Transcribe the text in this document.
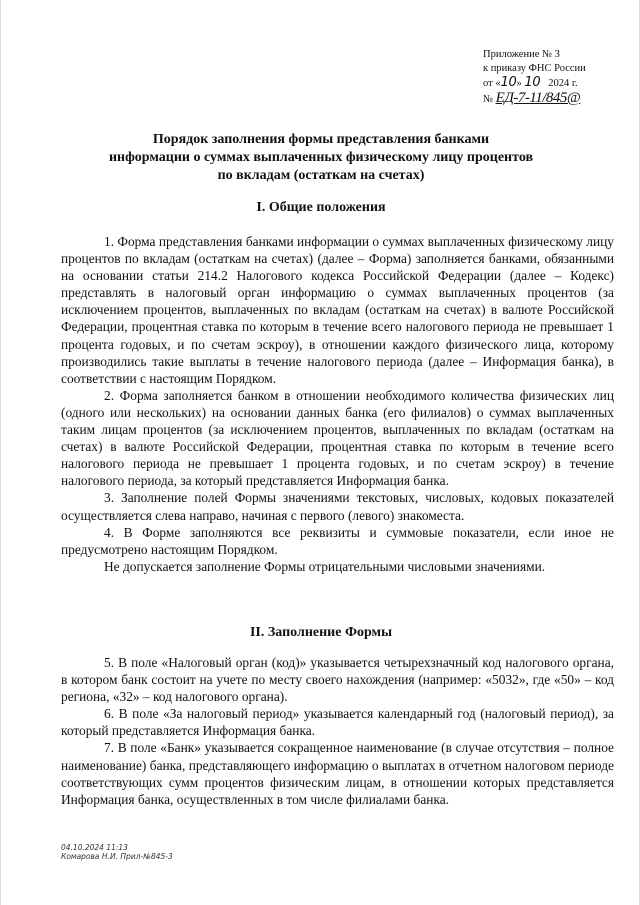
Приложение № 3
к приказу ФНС России
от «10» 10 2024 г.
№ ЕД-7-11/845@
Порядок заполнения формы представления банками
информации о суммах выплаченных физическому лицу процентов
по вкладам (остаткам на счетах)
I. Общие положения

1. Форма представления банками информации о суммах выплаченных физическому лицу процентов по вкладам (остаткам на счетах) (далее – Форма) заполняется банками, обязанными на основании статьи 214.2 Налогового кодекса Российской Федерации (далее – Кодекс) представлять в налоговый орган информацию о суммах выплаченных процентов (за исключением процентов, выплаченных по вкладам (остаткам на счетах) в валюте Российской Федерации, процентная ставка по которым в течение всего налогового периода не превышает 1 процента годовых, и по счетам эскроу), в отношении каждого физического лица, которому производились такие выплаты в течение налогового периода (далее – Информация банка), в соответствии с настоящим Порядком.

2. Форма заполняется банком в отношении необходимого количества физических лиц (одного или нескольких) на основании данных банка (его филиалов) о суммах выплаченных таким лицам процентов (за исключением процентов, выплаченных по вкладам (остаткам на счетах) в валюте Российской Федерации, процентная ставка по которым в течение всего налогового периода не превышает 1 процента годовых, и по счетам эскроу) в течение налогового периода, за который представляется Информация банка.

3. Заполнение полей Формы значениями текстовых, числовых, кодовых показателей осуществляется слева направо, начиная с первого (левого) знакоместа.

4. В Форме заполняются все реквизиты и суммовые показатели, если иное не предусмотрено настоящим Порядком.

Не допускается заполнение Формы отрицательными числовыми значениями.

II. Заполнение Формы

5. В поле «Налоговый орган (код)» указывается четырехзначный код налогового органа, в котором банк состоит на учете по месту своего нахождения (например: «5032», где «50» – код региона, «32» – код налогового органа).

6. В поле «За налоговый период» указывается календарный год (налоговый период), за который представляется Информация банка.

7. В поле «Банк» указывается сокращенное наименование (в случае отсутствия – полное наименование) банка, представляющего информацию о выплатах в отчетном налоговом периоде соответствующих сумм процентов физическим лицам, в отношении которых представляется Информация банка, осуществленных в том числе филиалами банка.

04.10.2024 11:13
Комарова Н.И. Прил-№845-3
